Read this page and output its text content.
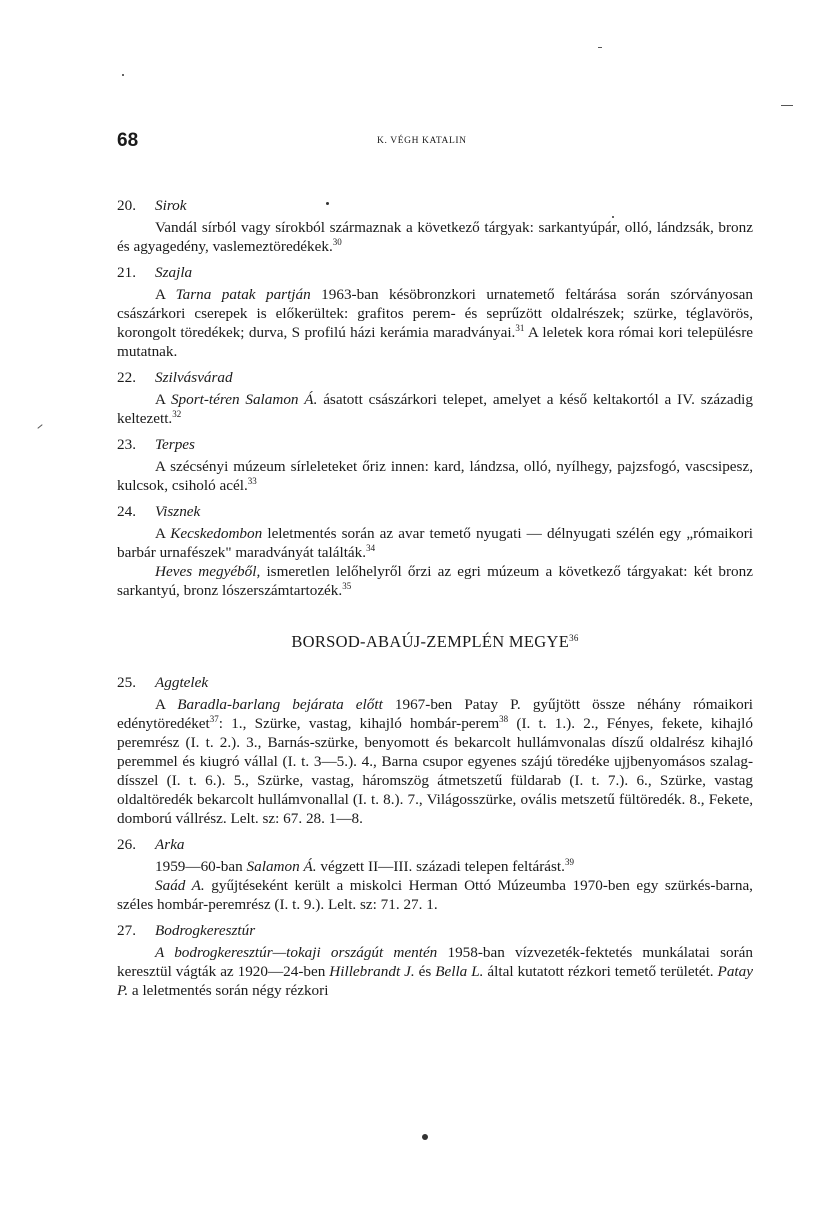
68	K. VÉGH KATALIN
20. Sirok

Vandál sírból vagy sírokból származnak a következő tárgyak: sarkantyúpár, olló, lándzsák, bronz és agyagedény, vaslemeztöredékek.$^{30}$

21. Szajla

A Tarna patak partján 1963-ban késöbronzkori urnatemető feltárása során szórványosan császárkori cserepek is előkerültek: grafitos perem- és seprűzött oldalrészek; szürke, téglavörös, korongolt töredékek; durva, S profilú házi kerámia maradványai.$^{31}$ A leletek kora római kori településre mutatnak.

22. Szilvásvárad

A Sport-téren Salamon Á. ásatott császárkori telepet, amelyet a késő keltakortól a IV. századig keltezett.$^{32}$

23. Terpes

A szécsényi múzeum sírleleteket őriz innen: kard, lándzsa, olló, nyílhegy, pajzsfogó, vascsipesz, kulcsok, csiholó acél.$^{33}$

24. Visznek

A Kecskedombon leletmentés során az avar temető nyugati — délnyugati szélén egy „rómaikori barbár urnafészek" maradványát találták.$^{34}$

Heves megyéből, ismeretlen lelőhelyről őrzi az egri múzeum a következő tárgyakat: két bronz sarkantyú, bronz lószerszámtartozék.$^{35}$

BORSOD-ABAÚJ-ZEMPLÉN MEGYE$^{36}$
25. Aggtelek

A Baradla-barlang bejárata előtt 1967-ben Patay P. gyűjtött össze néhány rómaikori edénytöredéket$^{37}$: 1., Szürke, vastag, kihajló hombár-perem$^{38}$ (I. t. 1.). 2., Fényes, fekete, kihajló peremrész (I. t. 2.). 3., Barnás-szürke, benyomott és bekarcolt hullámvonalas díszű oldalrész kihajló peremmel és kiugró vállal (I. t. 3—5.). 4., Barna csupor egyenes szájú töredéke ujjbenyomásos szalagdísszel (I. t. 6.). 5., Szürke, vastag, háromszög átmetszetű füldarab (I. t. 7.). 6., Szürke, vastag oldaltöredék bekarcolt hullámvonallal (I. t. 8.). 7., Világosszürke, ovális metszetű fültöredék. 8., Fekete, domború vállrész. Lelt. sz: 67. 28. 1—8.

26. Arka

1959—60-ban Salamon Á. végzett II—III. századi telepen feltárást.$^{39}$

Saád A. gyűjtéseként került a miskolci Herman Ottó Múzeumba 1970-ben egy szürkés-barna, széles hombár-peremrész (I. t. 9.). Lelt. sz: 71. 27. 1.

27. Bodrogkeresztúr

A bodrogkeresztúr—tokaji országút mentén 1958-ban vízvezeték-fektetés munkálatai során keresztül vágták az 1920—24-ben Hillebrandt J. és Bella L. által kutatott rézkori temető területét. Patay P. a leletmentés során négy rézkori
